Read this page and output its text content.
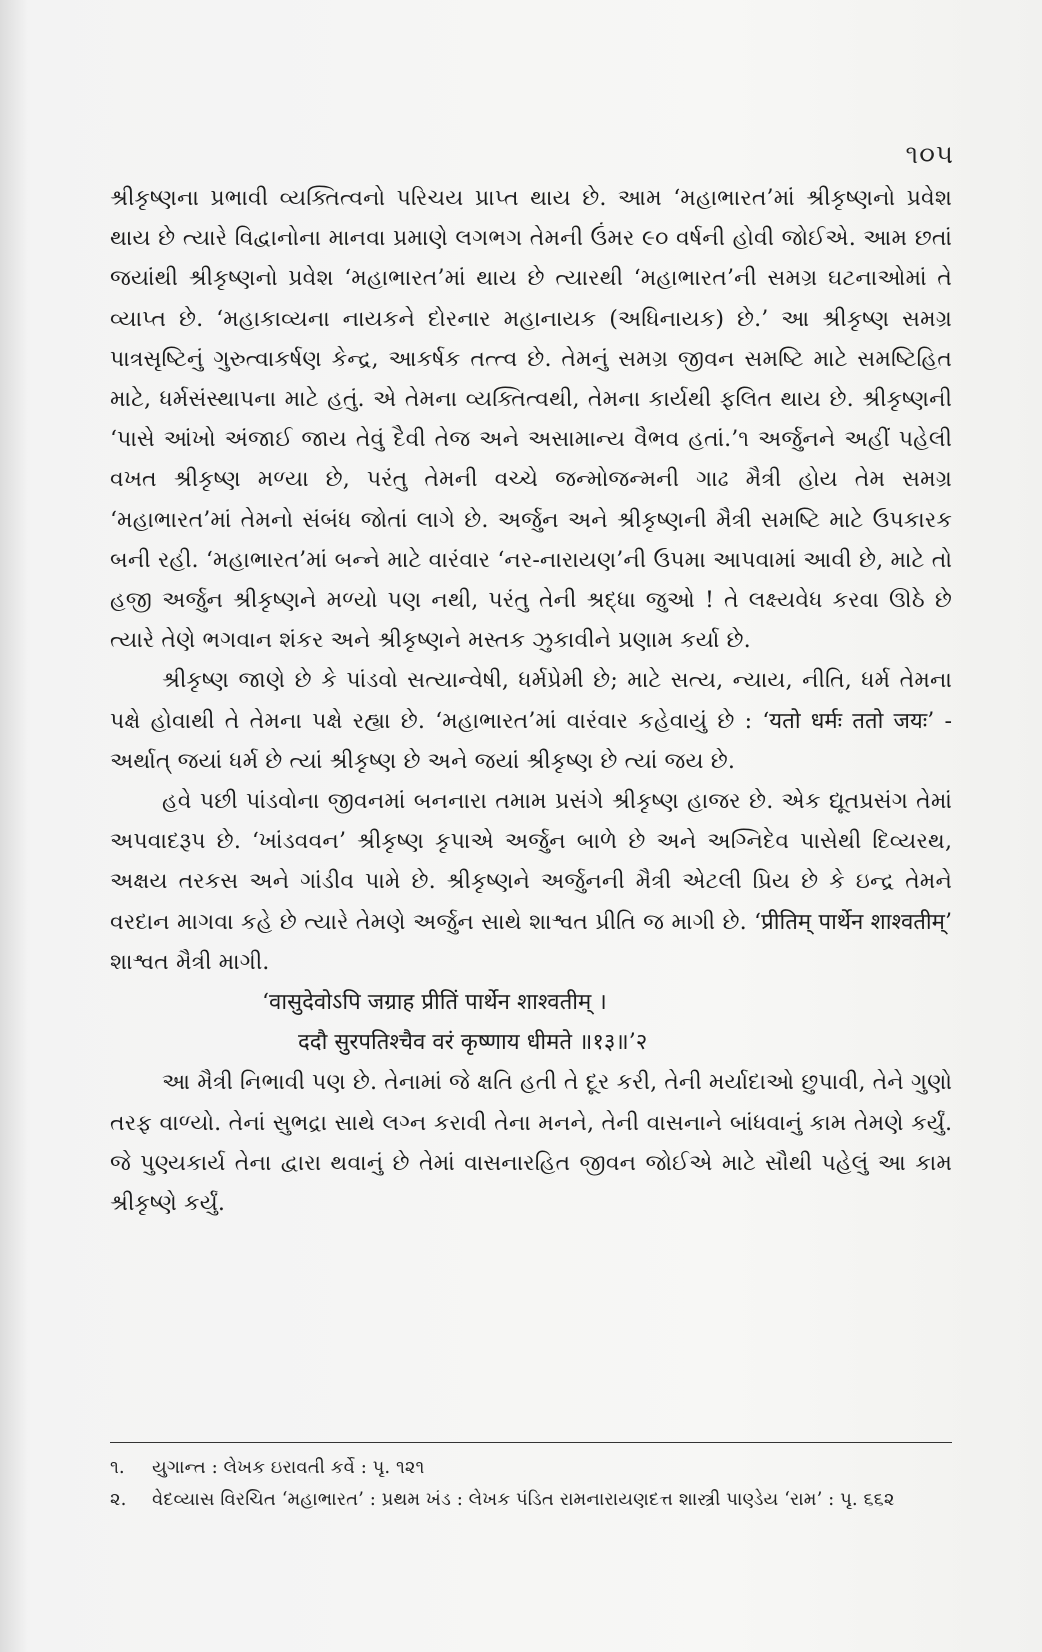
૧૦૫

શ્રીકૃષ્ણના પ્રભાવી વ્યક્તિત્વનો પરિચય પ્રાપ્ત થાય છે. આમ ‘મહાભારત’માં શ્રીકૃષ્ણનો પ્રવેશ થાય છે ત્યારે વિદ્વાનોના માનવા પ્રમાણે લગભગ તેમની ઉંમર ૯૦ વર્ષની હોવી જોઈએ. આમ છતાં જયાંથી શ્રીકૃષ્ણનો પ્રવેશ ‘મહાભારત’માં થાય છે ત્યારથી ‘મહાભારત’ની સમગ્ર ઘટનાઓમાં તે વ્યાપ્ત છે. ‘મહાકાવ્યના નાયકને દોરનાર મહાનાયક (અધિનાયક) છે.’ આ શ્રીકૃષ્ણ સમગ્ર પાત્રસૃષ્ટિનું ગુરુત્વાકર્ષણ કેન્દ્ર, આકર્ષક તત્ત્વ છે. તેમનું સમગ્ર જીવન સમષ્ટિ માટે સમષ્ટિહિત માટે, ધર્મસંસ્થાપના માટે હતું. એ તેમના વ્યક્તિત્વથી, તેમના કાર્યથી ફલિત થાય છે. શ્રીકૃષ્ણની ‘પાસે આંખો અંજાઈ જાય તેવું દૈવી તેજ અને અસામાન્ય વૈભવ હતાં.’૧ અર્જુનને અહીં પહેલી વખત શ્રીકૃષ્ણ મળ્યા છે, પરંતુ તેમની વચ્ચે જન્મોજન્મની ગાઢ મૈત્રી હોય તેમ સમગ્ર ‘મહાભારત’માં તેમનો સંબંધ જોતાં લાગે છે. અર્જુન અને શ્રીકૃષ્ણની મૈત્રી સમષ્ટિ માટે ઉપકારક બની રહી. ‘મહાભારત’માં બન્ને માટે વારંવાર ‘નર-નારાયણ’ની ઉપમા આપવામાં આવી છે, માટે તો હજી અર્જુન શ્રીકૃષ્ણને મળ્યો પણ નથી, પરંતુ તેની શ્રદ્ધા જુઓ ! તે લક્ષ્યવેધ કરવા ઊઠે છે ત્યારે તેણે ભગવાન શંકર અને શ્રીકૃષ્ણને મસ્તક ઝુકાવીને પ્રણામ કર્યા છે.

શ્રીકૃષ્ણ જાણે છે કે પાંડવો સત્યાન્વેષી, ધર્મપ્રેમી છે; માટે સત્ય, ન્યાય, નીતિ, ધર્મ તેમના પક્ષે હોવાથી તે તેમના પક્ષે રહ્યા છે. ‘મહાભારત’માં વારંવાર કહેવાયું છે : ‘यतो धर्मः ततो जयः’ - અર્થાત્ જયાં ધર્મ છે ત્યાં શ્રીકૃષ્ણ છે અને જયાં શ્રીકૃષ્ણ છે ત્યાં જય છે.

હવે પછી પાંડવોના જીવનમાં બનનારા તમામ પ્રસંગે શ્રીકૃષ્ણ હાજર છે. એક દ્યૂતપ્રસંગ તેમાં અપવાદરૂપ છે. ‘ખાંડવવન’ શ્રીકૃષ્ણ કૃપાએ અર્જુન બાળે છે અને અગ્નિદેવ પાસેથી દિવ્યરથ, અક્ષય તરકસ અને ગાંડીવ પામે છે. શ્રીકૃષ્ણને અર્જુનની મૈત્રી એટલી પ્રિય છે કે ઇન્દ્ર તેમને વરદાન માગવા કહે છે ત્યારે તેમણે અર્જુન સાથે શાશ્વત પ્રીતિ જ માગી છે. ‘प्रीतिम् पार्थेन शाश्वतीम्’ શાશ્વત મૈત્રી માગી.

‘वासुदेवोऽपि जग्राह प्रीतिं पार्थेन शाश्वतीम् ।

ददौ सुरपतिश्चैव वरं कृष्णाय धीमते ॥१३॥’२

આ મૈત્રી નિભાવી પણ છે. તેનામાં જે ક્ષતિ હતી તે દૂર કરી, તેની મર્યાદાઓ છુપાવી, તેને ગુણો તરફ વાળ્યો. તેનાં સુભદ્રા સાથે લગ્ન કરાવી તેના મનને, તેની વાસનાને બાંધવાનું કામ તેમણે કર્યું. જે પુણ્યકાર્ય તેના દ્વારા થવાનું છે તેમાં વાસનારહિત જીવન જોઈએ માટે સૌથી પહેલું આ કામ શ્રીકૃષ્ણે કર્યું.

૧.	યુગાન્ત : લેખક ઇરાવતી કર્વે : પૃ. ૧૨૧
૨.	વેદવ્યાસ વિરચિત ‘મહાભારત’ : પ્રથમ ખંડ : લેખક પંડિત રામનારાયણદત્ત શાસ્ત્રી પાણ્ડેય ‘રામ’ : પૃ. ૬૬૨
